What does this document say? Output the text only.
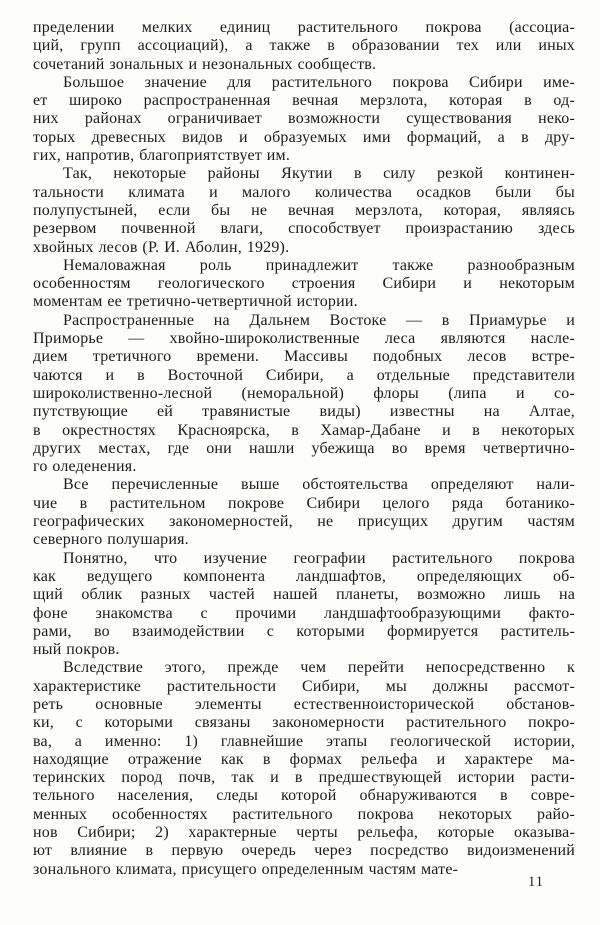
пределении мелких единиц растительного покрова (ассоциа-
ций, групп ассоциаций), а также в образовании тех или иных
сочетаний зональных и незональных сообществ.
Большое значение для растительного покрова Сибири име-
ет широко распространенная вечная мерзлота, которая в од-
них районах ограничивает возможности существования неко-
торых древесных видов и образуемых ими формаций, а в дру-
гих, напротив, благоприятствует им.
Так, некоторые районы Якутии в силу резкой континен-
тальности климата и малого количества осадков были бы
полупустыней, если бы не вечная мерзлота, которая, являясь
резервом почвенной влаги, способствует произрастанию здесь
хвойных лесов (Р. И. Аболин, 1929).
Немаловажная роль принадлежит также разнообразным
особенностям геологического строения Сибири и некоторым
моментам ее третично-четвертичной истории.
Распространенные на Дальнем Востоке — в Приамурье и
Приморье — хвойно-широколиственные леса являются насле-
дием третичного времени. Массивы подобных лесов встре-
чаются и в Восточной Сибири, а отдельные представители
широколиственно-лесной (неморальной) флоры (липа и со-
путствующие ей травянистые виды) известны на Алтае,
в окрестностях Красноярска, в Хамар-Дабане и в некоторых
других местах, где они нашли убежища во время четвертично-
го оледенения.
Все перечисленные выше обстоятельства определяют нали-
чие в растительном покрове Сибири целого ряда ботанико-
географических закономерностей, не присущих другим частям
северного полушария.
Понятно, что изучение географии растительного покрова
как ведущего компонента ландшафтов, определяющих об-
щий облик разных частей нашей планеты, возможно лишь на
фоне знакомства с прочими ландшафтообразующими факто-
рами, во взаимодействии с которыми формируется раститель-
ный покров.
Вследствие этого, прежде чем перейти непосредственно к
характеристике растительности Сибири, мы должны рассмот-
реть основные элементы естественноисторической обстанов-
ки, с которыми связаны закономерности растительного покро-
ва, а именно: 1) главнейшие этапы геологической истории,
находящие отражение как в формах рельефа и характере ма-
теринских пород почв, так и в предшествующей истории расти-
тельного населения, следы которой обнаруживаются в совре-
менных особенностях растительного покрова некоторых райо-
нов Сибири; 2) характерные черты рельефа, которые оказыва-
ют влияние в первую очередь через посредство видоизменений
зонального климата, присущего определенным частям мате-
11
